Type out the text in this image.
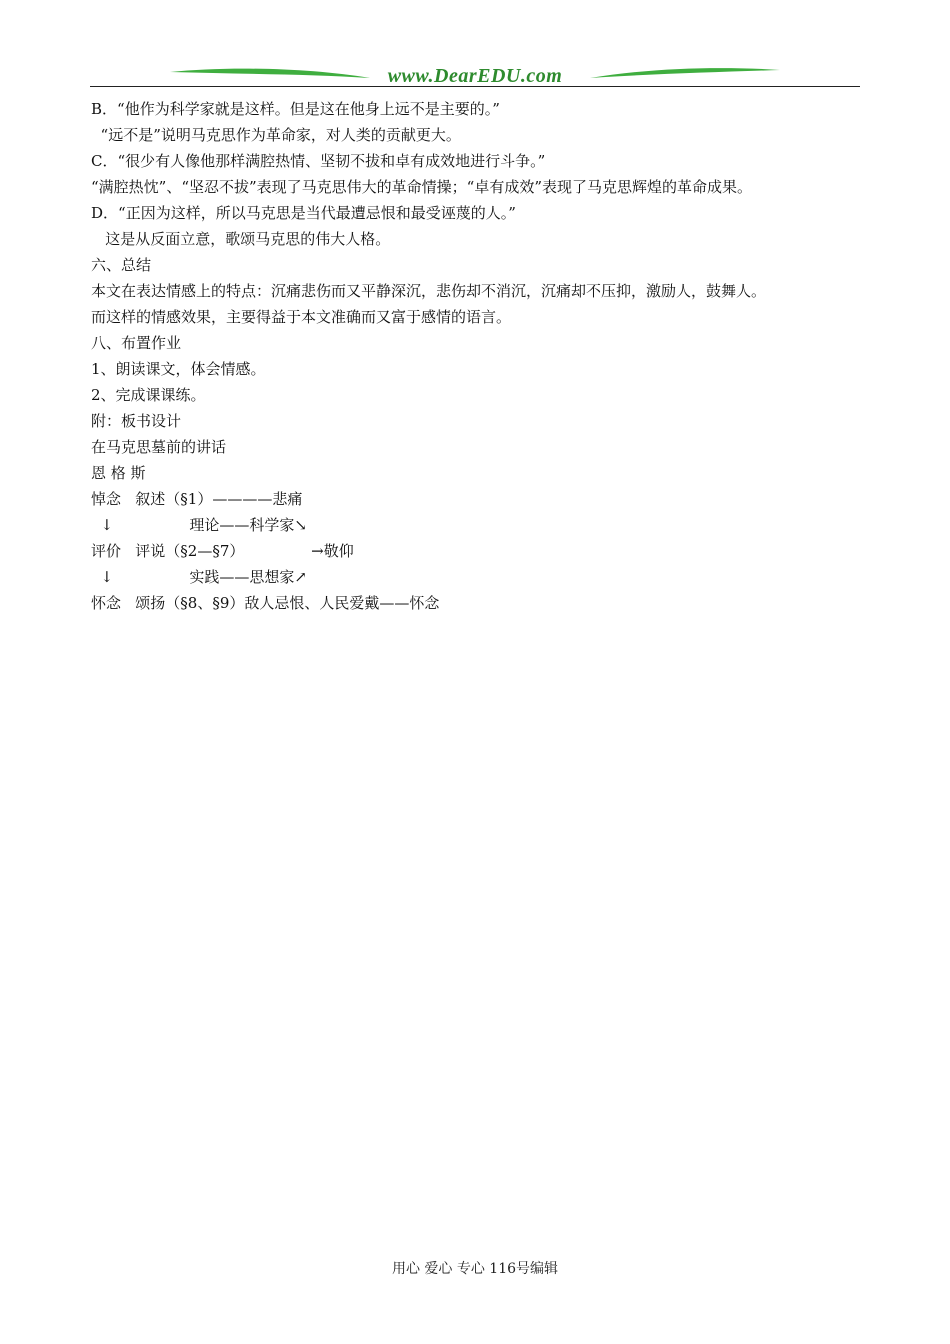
www.DearEDU.com
B．“他作为科学家就是这样。但是这在他身上远不是主要的。”
“远不是”说明马克思作为革命家，对人类的贡献更大。
C．“很少有人像他那样满腔热情、坚韧不拔和卓有成效地进行斗争。”
“满腔热忱”、“坚忍不拔”表现了马克思伟大的革命情操；“卓有成效”表现了马克思辉煌的革命成果。
D．“正因为这样，所以马克思是当代最遭忌恨和最受诬蔑的人。”
这是从反面立意，歌颂马克思的伟大人格。
六、总结
本文在表达情感上的特点：沉痛悲伤而又平静深沉，悲伤却不消沉，沉痛却不压抑，激励人，鼓舞人。
而这样的情感效果，主要得益于本文准确而又富于感情的语言。
八、布置作业
1、朗读课文，体会情感。
2、完成课课练。
附：板书设计
在马克思墓前的讲话
恩 格 斯
悼念   叙述（§1）————悲痛
↓                理论——科学家↘
评价   评说（§2—§7）              →敬仰
↓                实践——思想家↗
怀念   颂扬（§8、§9）敌人忌恨、人民爱戴——怀念
用心 爱心 专心 116号编辑
